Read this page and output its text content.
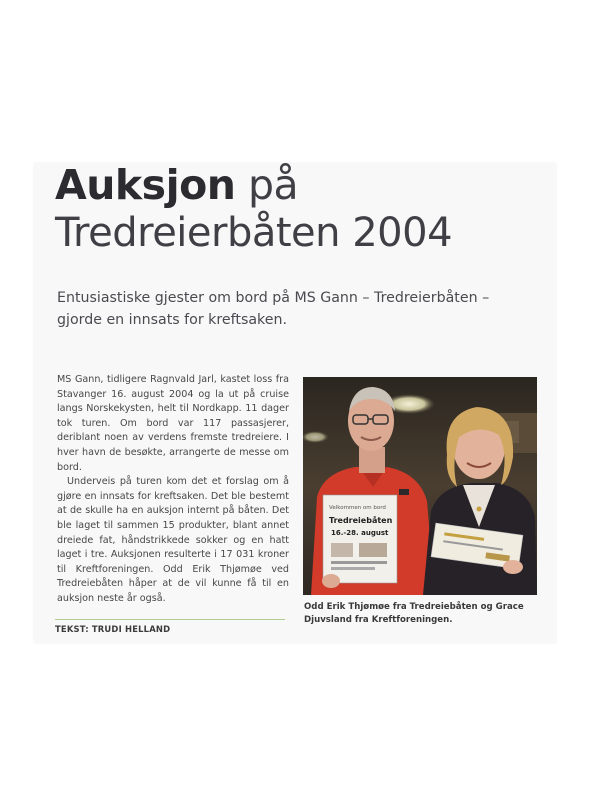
Auksjon på
Tredreierbåten 2004
Entusiastiske gjester om bord på MS Gann – Tredreierbåten – gjorde en innsats for kreftsaken.

MS Gann, tidligere Ragnvald Jarl, kastet loss fra Stavanger 16. august 2004 og la ut på cruise langs Norskekysten, helt til Nordkapp. 11 dager tok turen. Om bord var 117 passasjerer, deriblant noen av verdens fremste tredreiere. I hver havn de besøkte, arrangerte de messe om bord.

Underveis på turen kom det et forslag om å gjøre en innsats for kreftsaken. Det ble bestemt at de skulle ha en auksjon internt på båten. Det ble laget til sammen 15 produkter, blant annet dreiede fat, håndstrikkede sokker og en hatt laget i tre. Auksjonen resulterte i 17 031 kroner til Kreftforeningen. Odd Erik Thjømøe ved Tredreiebåten håper at de vil kunne få til en auksjon neste år også.

TEKST: TRUDI HELLAND
Velkommen om bord
Tredreiebåten
16.-28. august
Odd Erik Thjømøe fra Tredreiebåten og Grace Djuvsland fra Kreftforeningen.
